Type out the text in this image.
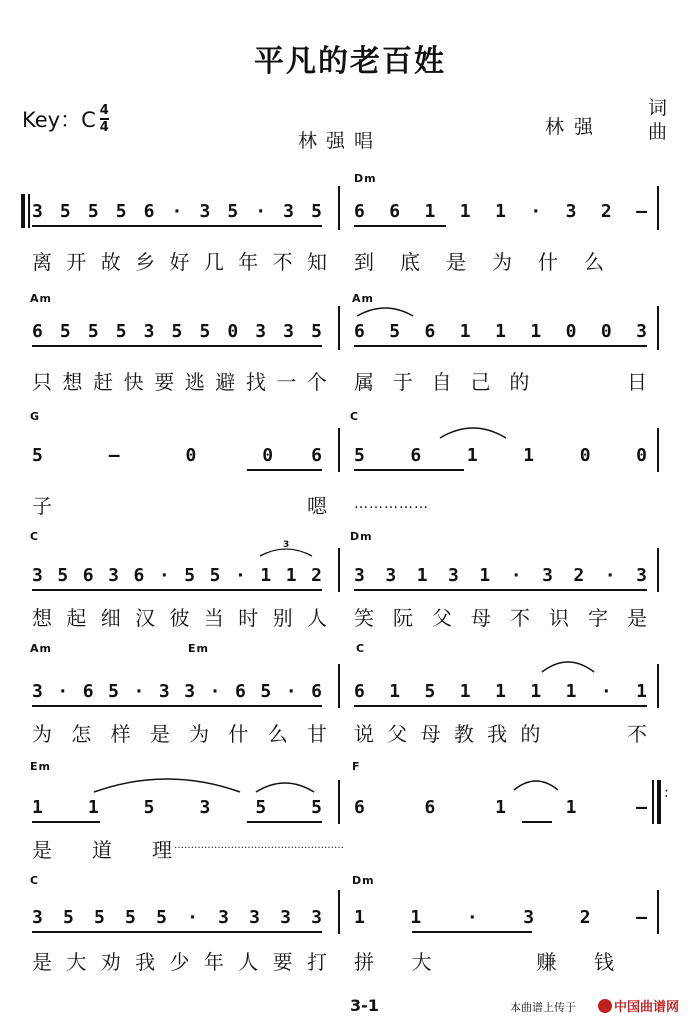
平凡的老百姓
Key：C $\frac{4}{4}$
林强唱
林强
词
曲
Dm
3 5 5 5 6 · 3 5 · 3 5 6 6 1 1 1 · 3 2 —
离 开 故 乡 好 几 年 不 知 到 底 是 为 什 么
Am	Am
6 5 5 5 3 5 5 0 3 3 5 6 5 6 1 1 1 0 0 3
只 想 赶 快 要 逃 避 找 一 个 属 于 自 己 的	日
G	C
5	—	0	0 6 5	6	1	1	0	0
子	嗯 ……………
C	Dm
3
3 5 6 3 6 · 5 5 · 1 1 2 3 3 1 3 1 · 3 2 · 3
想 起 细 汉 彼 当 时 别 人 笑 阮 父 母 不 识 字 是
Am	Em	C
3 · 6 5 · 3 3 · 6 5 · 6 6 1 5 1 1 1 1 · 1
为 怎 样 是 为 什 么 甘 说 父 母 教 我 的	不
Em	F
1 1 5 3 5 5 6	6	1	1	—
:
是 道 理 ……………………………………………
C	Dm
3 5 5 5 5 · 3 3 3 3 1	1	·	3	2	—
是 大 劝 我 少 年 人 要 打 拼 大	赚 钱
3-1	本曲谱上传于	中国曲谱网
